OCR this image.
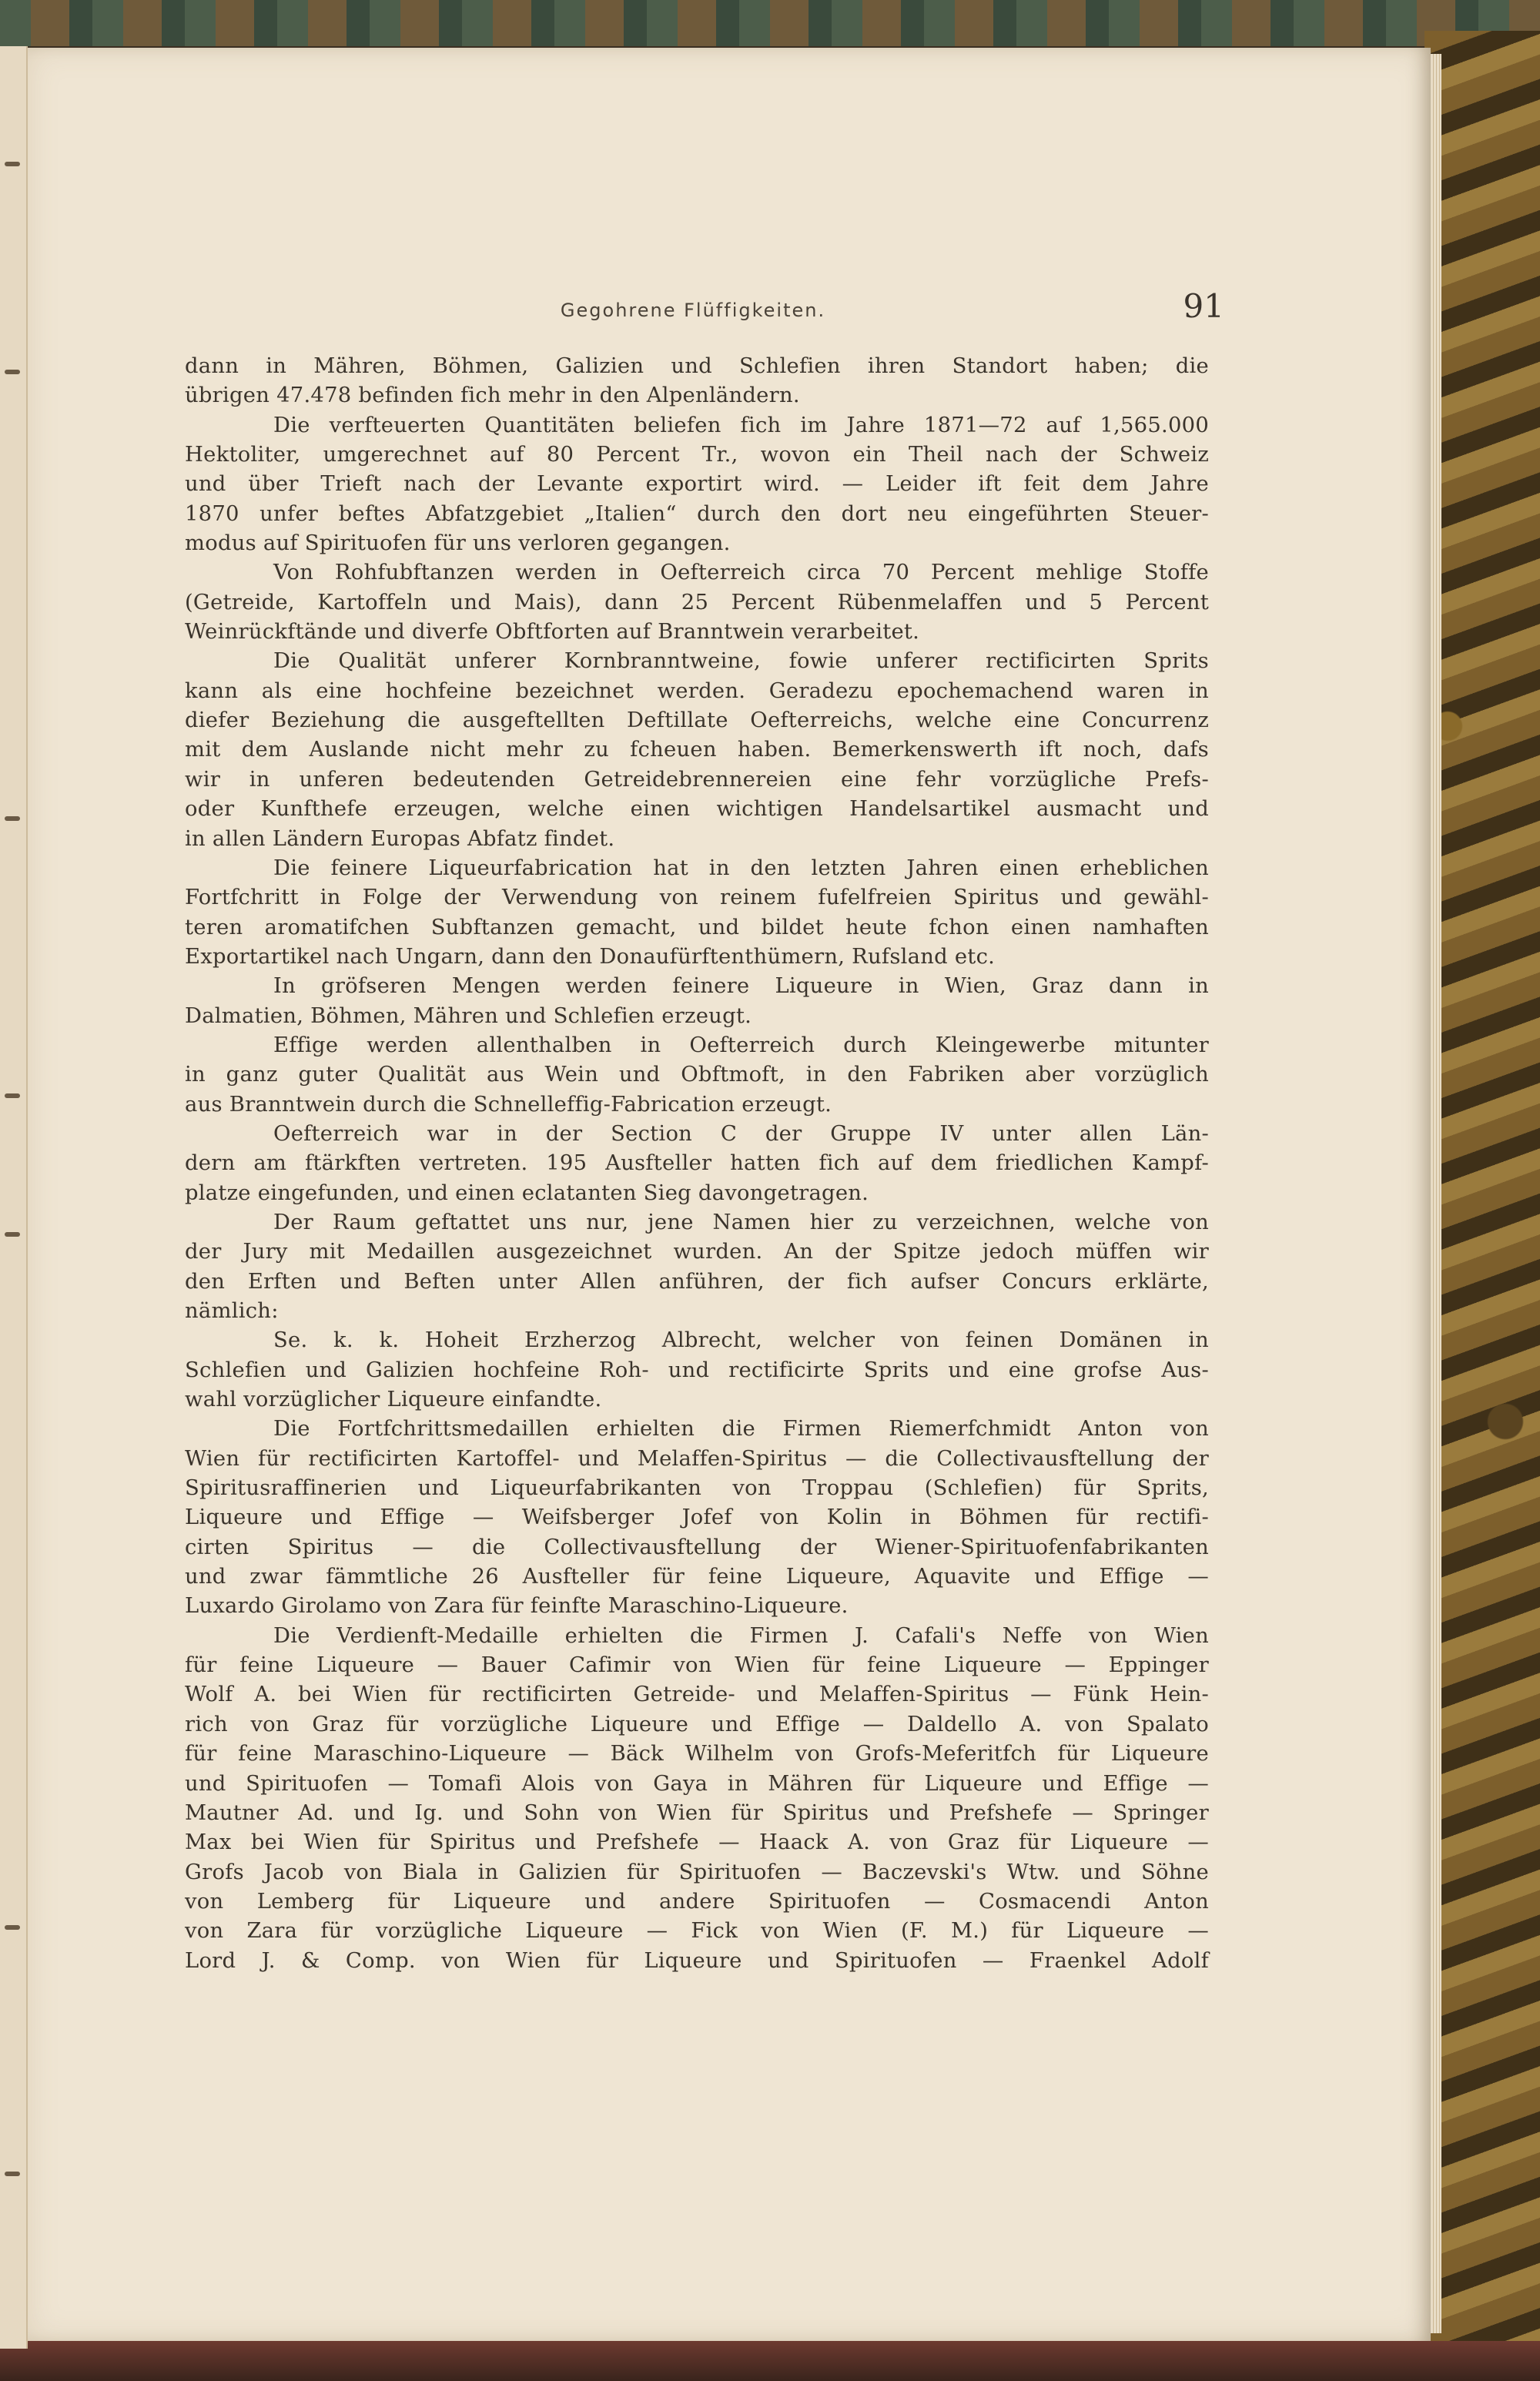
Gegohrene Flüffigkeiten.	91
dann in Mähren, Böhmen, Galizien und Schlefien ihren Standort haben; die
übrigen 47.478 befinden fich mehr in den Alpenländern.
Die verfteuerten Quantitäten beliefen fich im Jahre 1871—72 auf 1,565.000
Hektoliter, umgerechnet auf 80 Percent Tr., wovon ein Theil nach der Schweiz
und über Trieft nach der Levante exportirt wird. — Leider ift feit dem Jahre
1870 unfer beftes Abfatzgebiet „Italien“ durch den dort neu eingeführten Steuer-
modus auf Spirituofen für uns verloren gegangen.
Von Rohfubftanzen werden in Oefterreich circa 70 Percent mehlige Stoffe
(Getreide, Kartoffeln und Mais), dann 25 Percent Rübenmelaffen und 5 Percent
Weinrückftände und diverfe Obftforten auf Branntwein verarbeitet.
Die Qualität unferer Kornbranntweine, fowie unferer rectificirten Sprits
kann als eine hochfeine bezeichnet werden. Geradezu epochemachend waren in
diefer Beziehung die ausgeftellten Deftillate Oefterreichs, welche eine Concurrenz
mit dem Auslande nicht mehr zu fcheuen haben. Bemerkenswerth ift noch, dafs
wir in unferen bedeutenden Getreidebrennereien eine fehr vorzügliche Prefs-
oder Kunfthefe erzeugen, welche einen wichtigen Handelsartikel ausmacht und
in allen Ländern Europas Abfatz findet.
Die feinere Liqueurfabrication hat in den letzten Jahren einen erheblichen
Fortfchritt in Folge der Verwendung von reinem fufelfreien Spiritus und gewähl-
teren aromatifchen Subftanzen gemacht, und bildet heute fchon einen namhaften
Exportartikel nach Ungarn, dann den Donaufürftenthümern, Rufsland etc.
In gröfseren Mengen werden feinere Liqueure in Wien, Graz dann in
Dalmatien, Böhmen, Mähren und Schlefien erzeugt.
Effige werden allenthalben in Oefterreich durch Kleingewerbe mitunter
in ganz guter Qualität aus Wein und Obftmoft, in den Fabriken aber vorzüglich
aus Branntwein durch die Schnelleffig-Fabrication erzeugt.
Oefterreich war in der Section C der Gruppe IV unter allen Län-
dern am ftärkften vertreten. 195 Ausfteller hatten fich auf dem friedlichen Kampf-
platze eingefunden, und einen eclatanten Sieg davongetragen.
Der Raum geftattet uns nur, jene Namen hier zu verzeichnen, welche von
der Jury mit Medaillen ausgezeichnet wurden. An der Spitze jedoch müffen wir
den Erften und Beften unter Allen anführen, der fich aufser Concurs erklärte,
nämlich:
Se. k. k. Hoheit Erzherzog Albrecht, welcher von feinen Domänen in
Schlefien und Galizien hochfeine Roh- und rectificirte Sprits und eine grofse Aus-
wahl vorzüglicher Liqueure einfandte.
Die Fortfchrittsmedaillen erhielten die Firmen Riemerfchmidt Anton von
Wien für rectificirten Kartoffel- und Melaffen-Spiritus — die Collectivausftellung der
Spiritusraffinerien und Liqueurfabrikanten von Troppau (Schlefien) für Sprits,
Liqueure und Effige — Weifsberger Jofef von Kolin in Böhmen für rectifi-
cirten Spiritus — die Collectivausftellung der Wiener-Spirituofenfabrikanten
und zwar fämmtliche 26 Ausfteller für feine Liqueure, Aquavite und Effige —
Luxardo Girolamo von Zara für feinfte Maraschino-Liqueure.
Die Verdienft-Medaille erhielten die Firmen J. Cafali's Neffe von Wien
für feine Liqueure — Bauer Cafimir von Wien für feine Liqueure — Eppinger
Wolf A. bei Wien für rectificirten Getreide- und Melaffen-Spiritus — Fünk Hein-
rich von Graz für vorzügliche Liqueure und Effige — Daldello A. von Spalato
für feine Maraschino-Liqueure — Bäck Wilhelm von Grofs-Meferitfch für Liqueure
und Spirituofen — Tomafi Alois von Gaya in Mähren für Liqueure und Effige —
Mautner Ad. und Ig. und Sohn von Wien für Spiritus und Prefshefe — Springer
Max bei Wien für Spiritus und Prefshefe — Haack A. von Graz für Liqueure —
Grofs Jacob von Biala in Galizien für Spirituofen — Baczevski's Wtw. und Söhne
von Lemberg für Liqueure und andere Spirituofen — Cosmacendi Anton
von Zara für vorzügliche Liqueure — Fick von Wien (F. M.) für Liqueure —
Lord J. & Comp. von Wien für Liqueure und Spirituofen — Fraenkel Adolf
